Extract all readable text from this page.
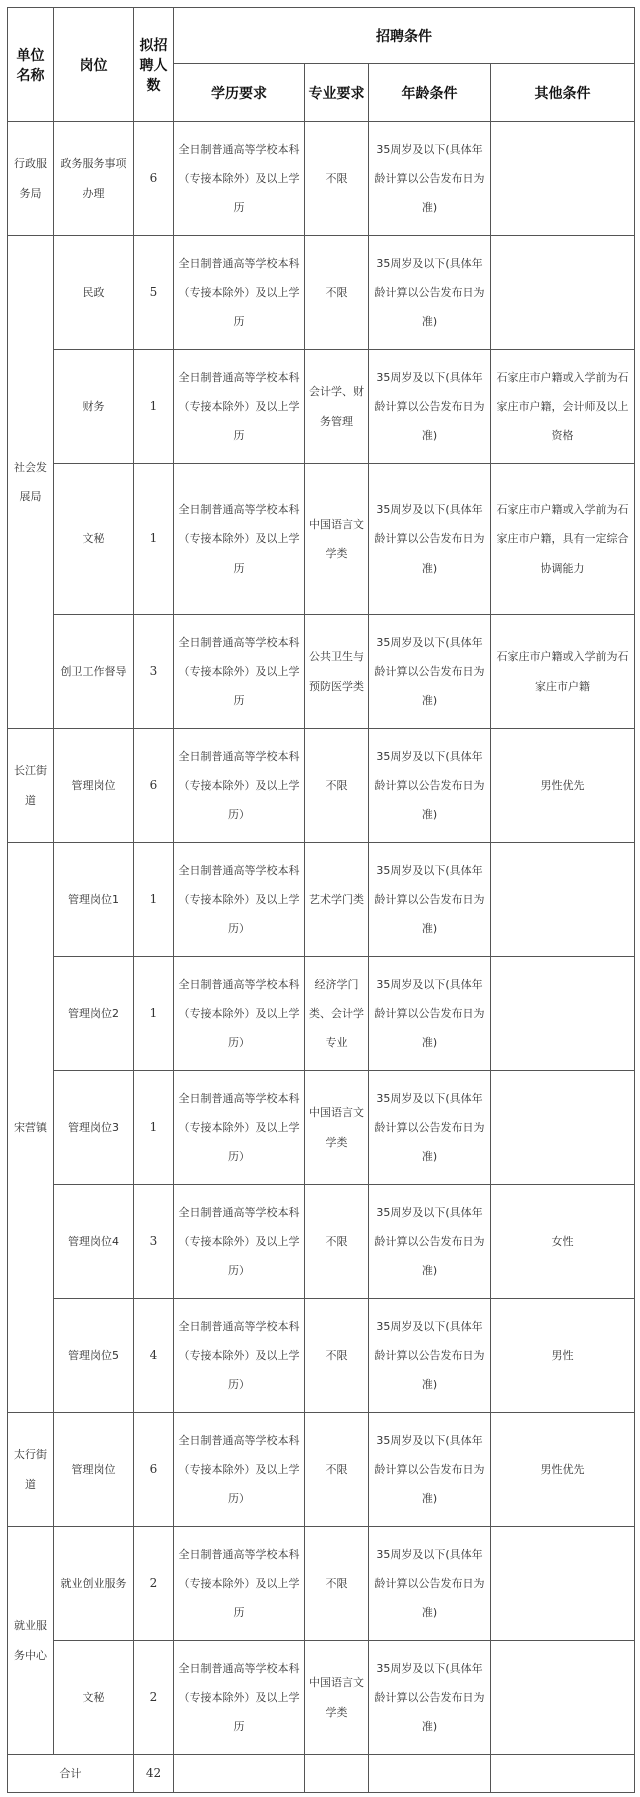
单位名称	岗位	拟招聘人数	招聘条件			
			学历要求	专业要求	年龄条件	其他条件
行政服务局	政务服务事项办理	6	全日制普通高等学校本科（专接本除外）及以上学历	不限	35周岁及以下(具体年龄计算以公告发布日为准)	
社会发展局	民政	5	全日制普通高等学校本科（专接本除外）及以上学历	不限	35周岁及以下(具体年龄计算以公告发布日为准)	
	财务	1	全日制普通高等学校本科（专接本除外）及以上学历	会计学、财务管理	35周岁及以下(具体年龄计算以公告发布日为准)	石家庄市户籍或入学前为石家庄市户籍，会计师及以上资格
	文秘	1	全日制普通高等学校本科（专接本除外）及以上学历	中国语言文学类	35周岁及以下(具体年龄计算以公告发布日为准)	石家庄市户籍或入学前为石家庄市户籍，具有一定综合协调能力
	创卫工作督导	3	全日制普通高等学校本科（专接本除外）及以上学历	公共卫生与预防医学类	35周岁及以下(具体年龄计算以公告发布日为准)	石家庄市户籍或入学前为石家庄市户籍
长江街道	管理岗位	6	全日制普通高等学校本科（专接本除外）及以上学历）	不限	35周岁及以下(具体年龄计算以公告发布日为准)	男性优先
宋营镇	管理岗位1	1	全日制普通高等学校本科（专接本除外）及以上学历）	艺术学门类	35周岁及以下(具体年龄计算以公告发布日为准)	
	管理岗位2	1	全日制普通高等学校本科（专接本除外）及以上学历）	经济学门类、会计学专业	35周岁及以下(具体年龄计算以公告发布日为准)	
	管理岗位3	1	全日制普通高等学校本科（专接本除外）及以上学历）	中国语言文学类	35周岁及以下(具体年龄计算以公告发布日为准)	
	管理岗位4	3	全日制普通高等学校本科（专接本除外）及以上学历）	不限	35周岁及以下(具体年龄计算以公告发布日为准)	女性
	管理岗位5	4	全日制普通高等学校本科（专接本除外）及以上学历）	不限	35周岁及以下(具体年龄计算以公告发布日为准)	男性
太行街道	管理岗位	6	全日制普通高等学校本科（专接本除外）及以上学历）	不限	35周岁及以下(具体年龄计算以公告发布日为准)	男性优先
就业服务中心	就业创业服务	2	全日制普通高等学校本科（专接本除外）及以上学历	不限	35周岁及以下(具体年龄计算以公告发布日为准)	
	文秘	2	全日制普通高等学校本科（专接本除外）及以上学历	中国语言文学类	35周岁及以下(具体年龄计算以公告发布日为准)	
合计		42				
